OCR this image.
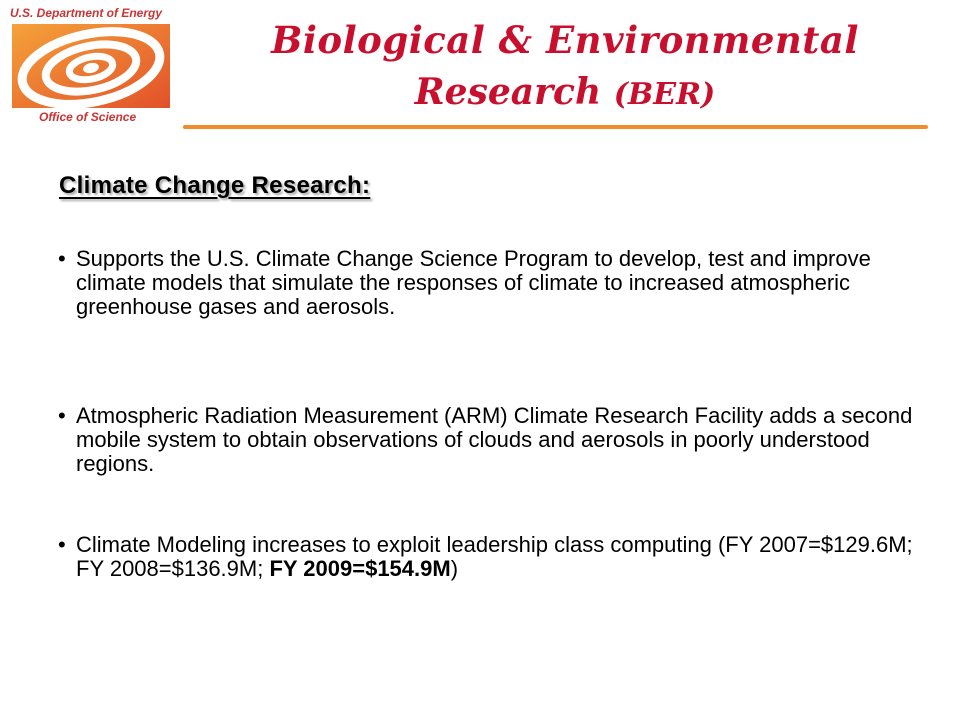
U.S. Department of Energy
Office of Science
Biological & Environmental
Research (BER)
Climate Change Research:
• Supports the U.S. Climate Change Science Program to develop, test and improve climate models that simulate the responses of climate to increased atmospheric greenhouse gases and aerosols.
• Atmospheric Radiation Measurement (ARM) Climate Research Facility adds a second mobile system to obtain observations of clouds and aerosols in poorly understood regions.
• Climate Modeling increases to exploit leadership class computing (FY 2007=$129.6M; FY 2008=$136.9M; FY 2009=$154.9M)
